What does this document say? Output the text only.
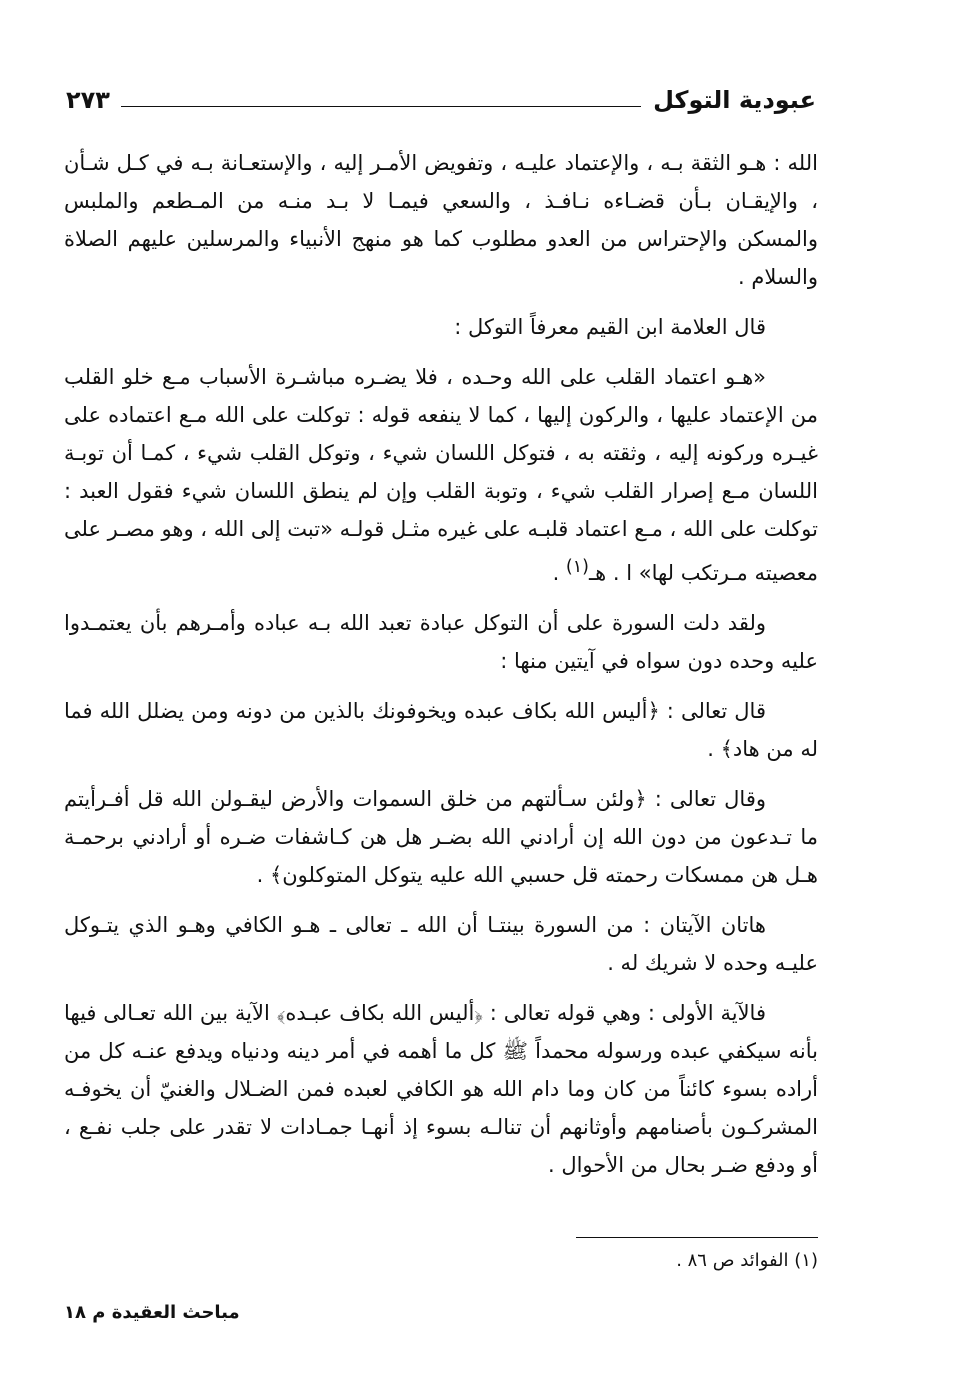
عبودية التوكل
٢٧٣

الله : هـو الثقة بـه ، والإعتماد عليـه ، وتفويض الأمـر إليه ، والإستعـانة بـه في كـل شـأن ، والإيقـان بـأن قضـاءه نـافـذ ، والسعي فيمـا لا بـد منـه من المـطعم والملبس والمسكن والإحتراس من العدو مطلوب كما هو منهج الأنبياء والمرسلين عليهم الصلاة والسلام .

قال العلامة ابن القيم معرفاً التوكل :

«هـو اعتماد القلب على الله وحـده ، فلا يضـره مباشـرة الأسباب مـع خلو القلب من الإعتماد عليها ، والركون إليها ، كما لا ينفعه قوله : توكلت على الله مـع اعتماده على غيـره وركونه إليه ، وثقته به ، فتوكل اللسان شيء ، وتوكل القلب شيء ، كمـا أن توبـة اللسان مـع إصرار القلب شيء ، وتوبة القلب وإن لم ينطق اللسان شيء فقول العبد : توكلت على الله ، مـع اعتماد قلبـه على غيره مثـل قولـه «تبت إلى الله ، وهو مصـر على معصيته مـرتكب لها» ا . هـ$^{(١)}$ .

ولقد دلت السورة على أن التوكل عبادة تعبد الله بـه عباده وأمـرهم بأن يعتمـدوا عليه وحده دون سواه في آيتين منها :

قال تعالى : ﴿أليس الله بكاف عبده ويخوفونك بالذين من دونه ومن يضلل الله فما له من هاد﴾ .

وقال تعالى : ﴿ولئن سـألتهم من خلق السموات والأرض ليقـولن الله قل أفـرأيتم ما تـدعون من دون الله إن أرادني الله بضـر هل هن كـاشفات ضـره أو أرادني برحمـة هـل هن ممسكات رحمته قل حسبي الله عليه يتوكل المتوكلون﴾ .

هاتان الآيتان : من السورة بينتـا أن الله ـ تعالى ـ هـو الكافي وهـو الذي يتـوكل عليـه وحده لا شريك له .

فالآية الأولى : وهي قوله تعالى : ﴿أليس الله بكاف عبـده﴾ الآية بين الله تعـالى فيها بأنه سيكفي عبده ورسوله محمداً ﷺ كل ما أهمه في أمر دينه ودنياه ويدفع عنـه كل من أراده بسوء كائناً من كان وما دام الله هو الكافي لعبده فمن الضـلال والغنيّ أن يخوفـه المشركـون بأصنامهم وأوثانهم أن تنالـه بسوء إذ أنهـا جمـادات لا تقدر على جلب نفـع ، أو ودفع ضـر بحال من الأحوال .

(١) الفوائد ص ٨٦ .
مباحث العقيدة م ١٨
